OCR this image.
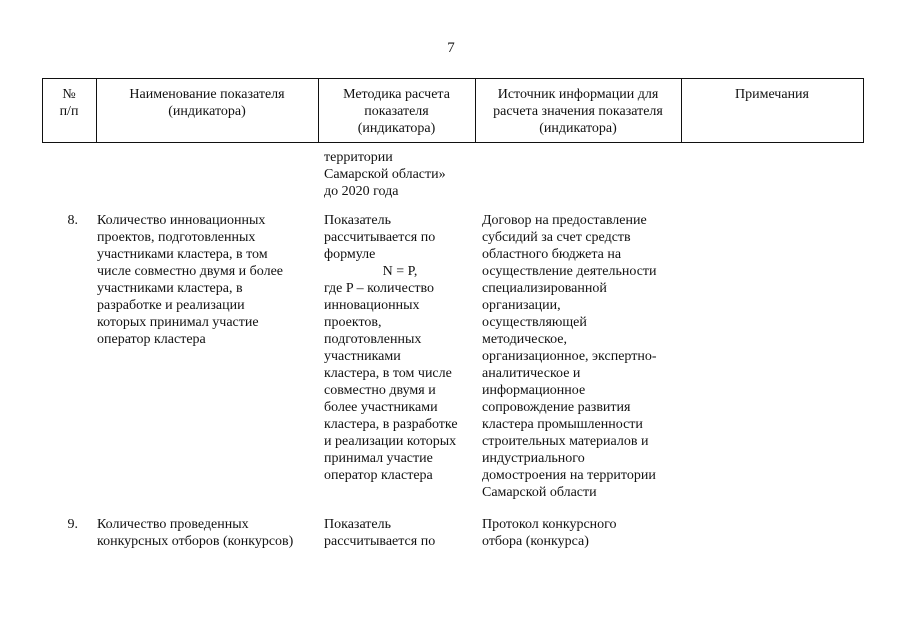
7
№
п/п
Наименование показателя
(индикатора)
Методика расчета
показателя
(индикатора)
Источник информации для
расчета значения показателя
(индикатора)
Примечания
территории
Самарской области»
до 2020 года
8. Количество инновационных
проектов, подготовленных
участниками кластера, в том
числе совместно двумя и более
участниками кластера, в
разработке и реализации
которых принимал участие
оператор кластера
Показатель
рассчитывается по
формуле
N = P,
где P – количество
инновационных
проектов,
подготовленных
участниками
кластера, в том числе
совместно двумя и
более участниками
кластера, в разработке
и реализации которых
принимал участие
оператор кластера
Договор на предоставление
субсидий за счет средств
областного бюджета на
осуществление деятельности
специализированной
организации,
осуществляющей
методическое,
организационное, экспертно-
аналитическое и
информационное
сопровождение развития
кластера промышленности
строительных материалов и
индустриального
домостроения на территории
Самарской области
9. Количество проведенных
конкурсных отборов (конкурсов)
Показатель
рассчитывается по
Протокол конкурсного
отбора (конкурса)
